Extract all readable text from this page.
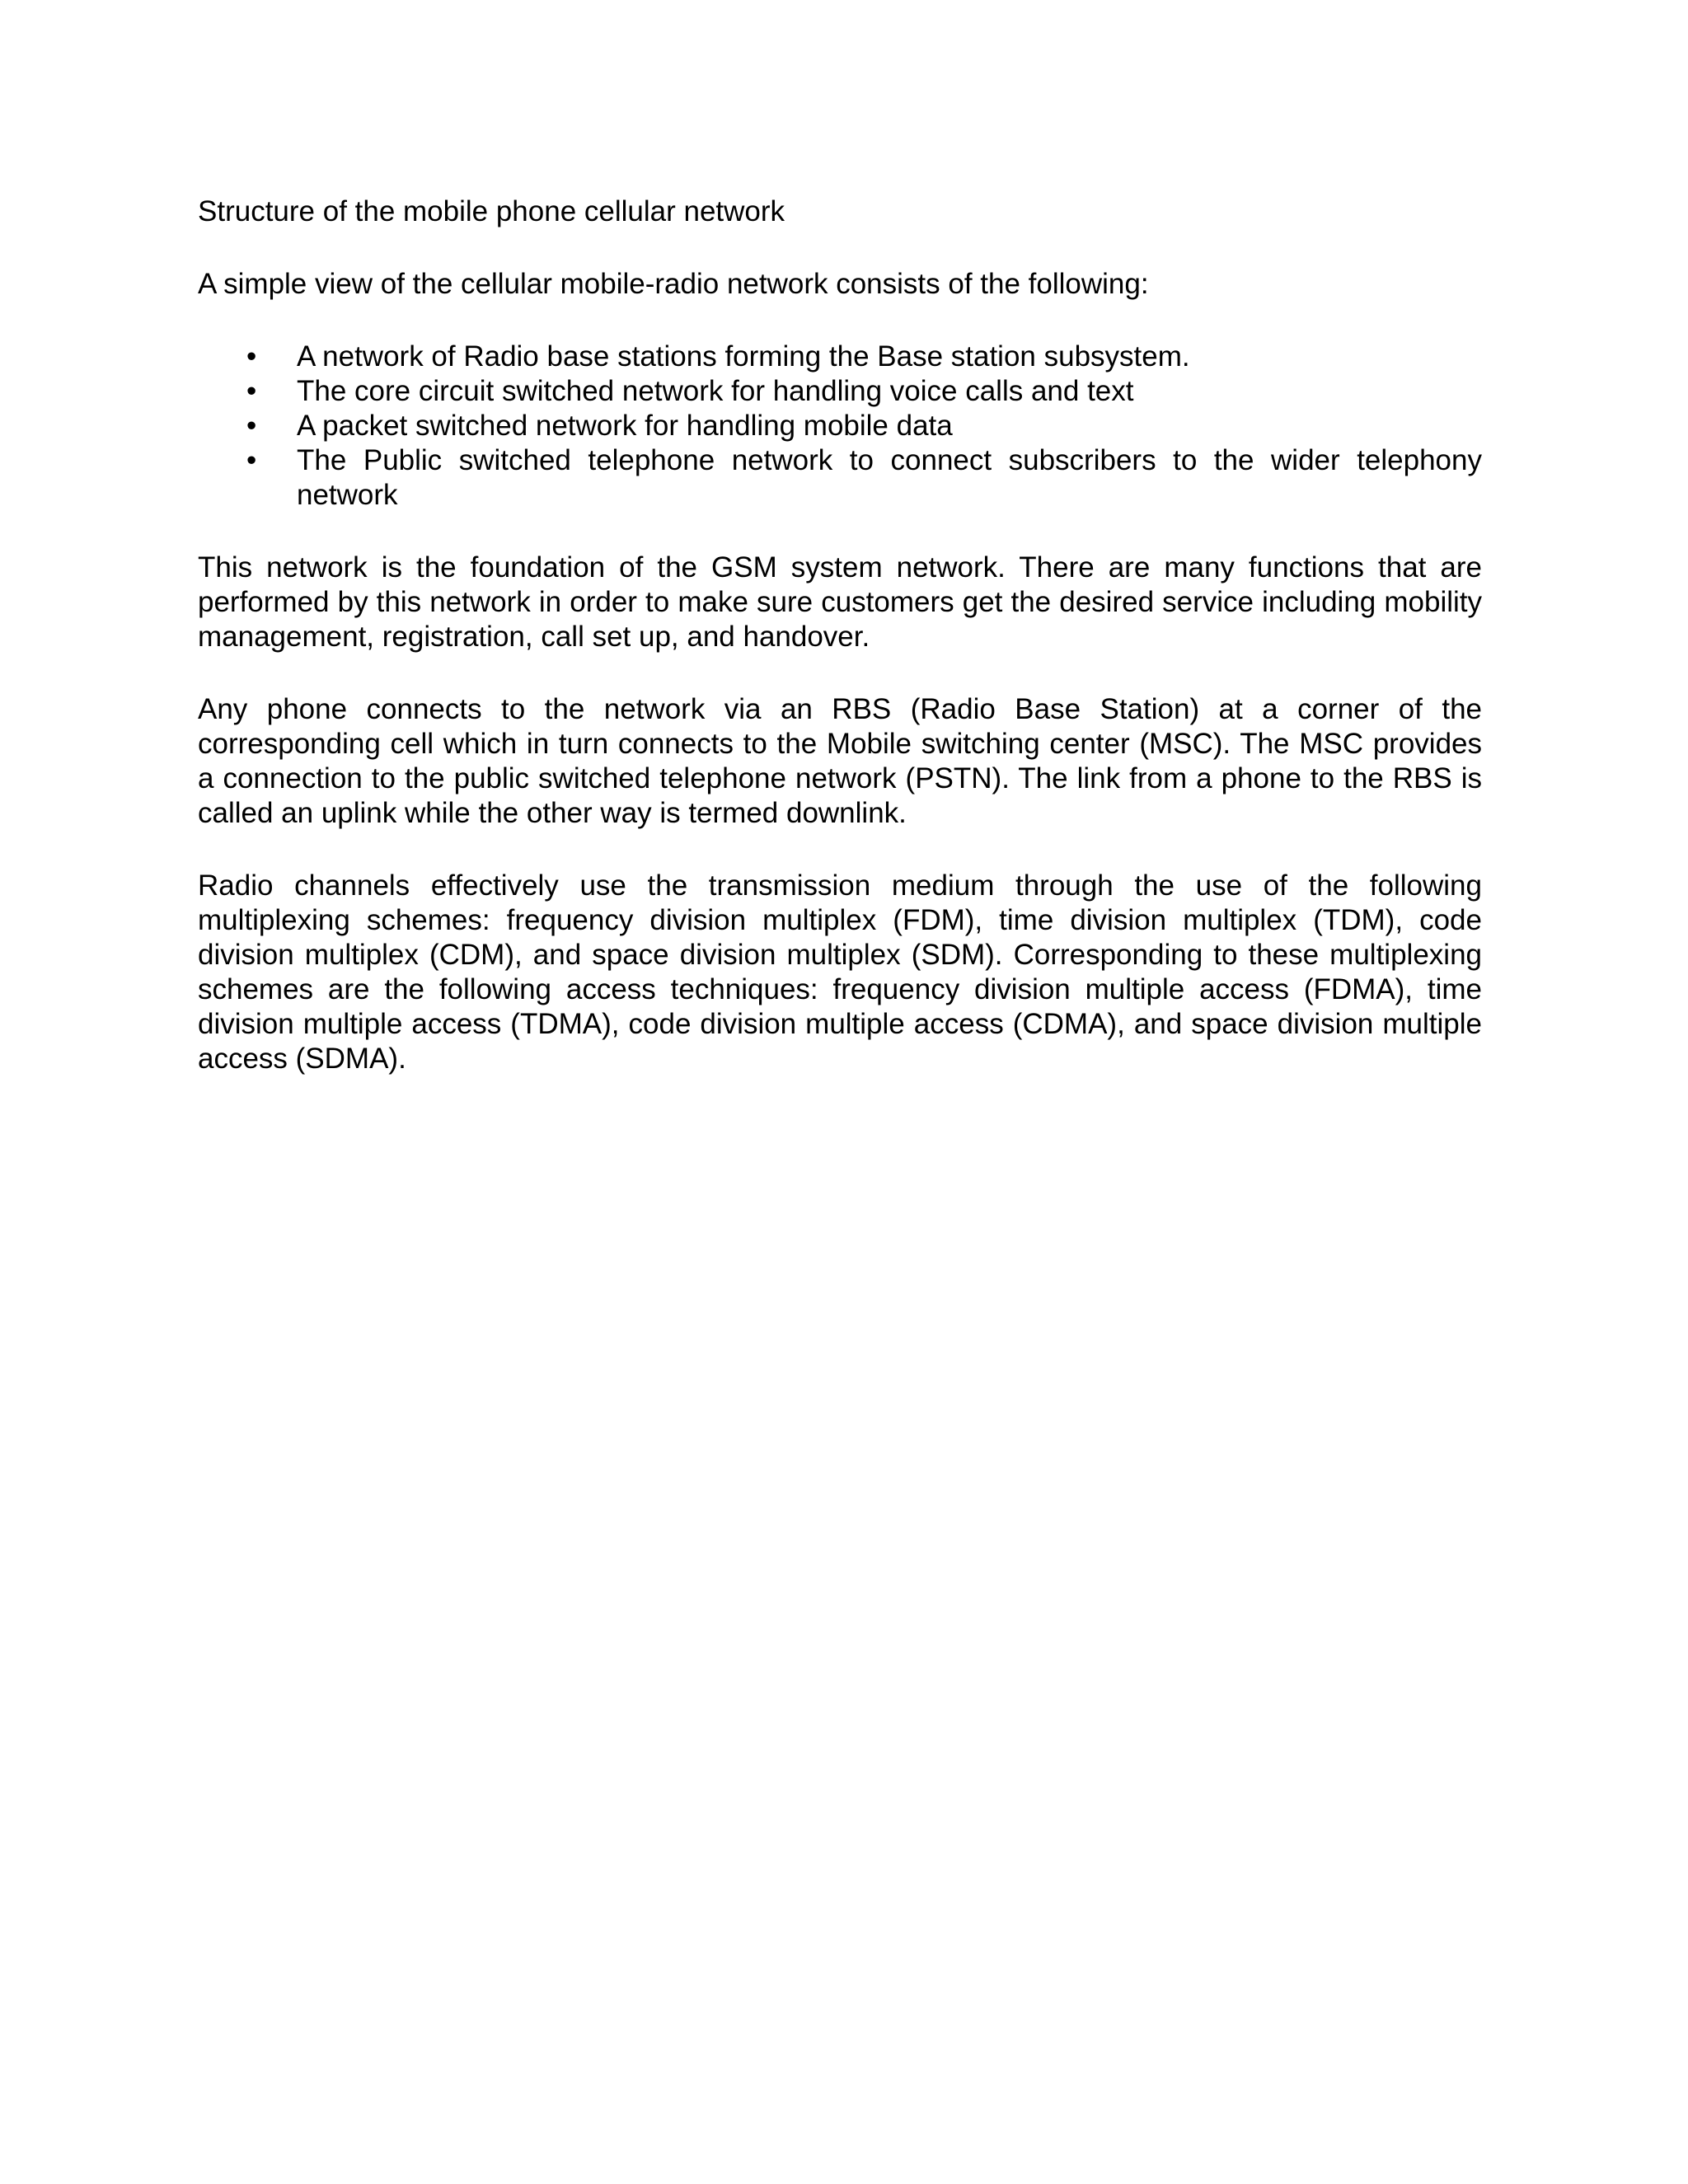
Structure of the mobile phone cellular network

A simple view of the cellular mobile-radio network consists of the following:

• A network of Radio base stations forming the Base station subsystem.
• The core circuit switched network for handling voice calls and text
• A packet switched network for handling mobile data
• The Public switched telephone network to connect subscribers to the wider telephony network

This network is the foundation of the GSM system network. There are many functions that are performed by this network in order to make sure customers get the desired service including mobility management, registration, call set up, and handover.

Any phone connects to the network via an RBS (Radio Base Station) at a corner of the corresponding cell which in turn connects to the Mobile switching center (MSC). The MSC provides a connection to the public switched telephone network (PSTN). The link from a phone to the RBS is called an uplink while the other way is termed downlink.

Radio channels effectively use the transmission medium through the use of the following multiplexing schemes: frequency division multiplex (FDM), time division multiplex (TDM), code division multiplex (CDM), and space division multiplex (SDM). Corresponding to these multiplexing schemes are the following access techniques: frequency division multiple access (FDMA), time division multiple access (TDMA), code division multiple access (CDMA), and space division multiple access (SDMA).
